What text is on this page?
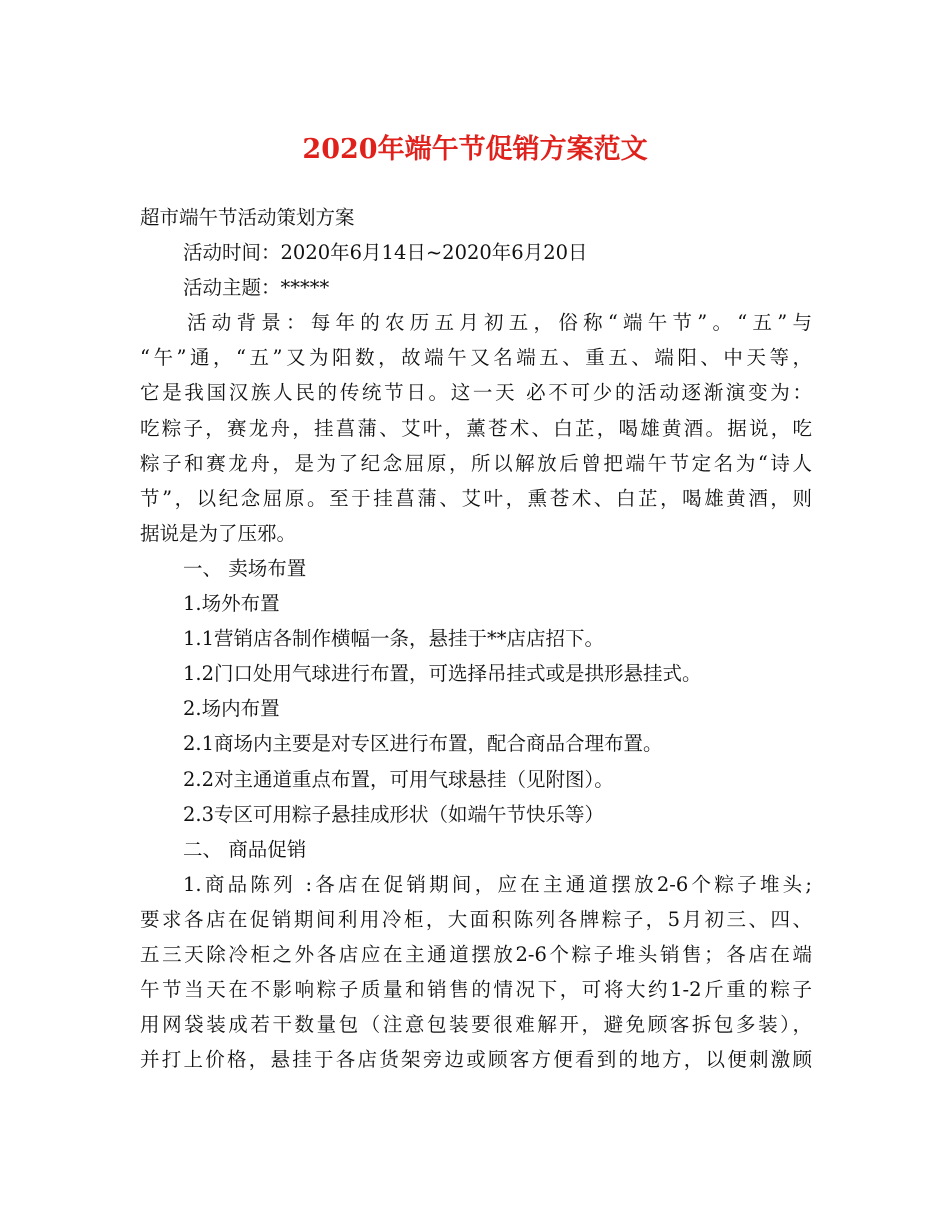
2020年端午节促销方案范文
超市端午节活动策划方案
活动时间：2020年6月14日~2020年6月20日
活动主题：*****
活动背景：每年的农历五月初五，俗称“端午节”。“五”与
“午”通，“五”又为阳数，故端午又名端五、重五、端阳、中天等，
它是我国汉族人民的传统节日。这一天 必不可少的活动逐渐演变为：
吃粽子，赛龙舟，挂菖蒲、艾叶，薰苍术、白芷，喝雄黄酒。据说，吃
粽子和赛龙舟，是为了纪念屈原，所以解放后曾把端午节定名为“诗人
节”，以纪念屈原。至于挂菖蒲、艾叶，熏苍术、白芷，喝雄黄酒，则
据说是为了压邪。
一、 卖场布置
1.场外布置
1.1营销店各制作横幅一条，悬挂于**店店招下。
1.2门口处用气球进行布置，可选择吊挂式或是拱形悬挂式。
2.场内布置
2.1商场内主要是对专区进行布置，配合商品合理布置。
2.2对主通道重点布置，可用气球悬挂（见附图）。
2.3专区可用粽子悬挂成形状（如端午节快乐等）
二、 商品促销
1.商品陈列 :各店在促销期间，应在主通道摆放2-6个粽子堆头;
要求各店在促销期间利用冷柜，大面积陈列各牌粽子，5月初三、四、
五三天除冷柜之外各店应在主通道摆放2-6个粽子堆头销售；各店在端
午节当天在不影响粽子质量和销售的情况下，可将大约1-2斤重的粽子
用网袋装成若干数量包（注意包装要很难解开，避免顾客拆包多装），
并打上价格，悬挂于各店货架旁边或顾客方便看到的地方，以便刺激顾
